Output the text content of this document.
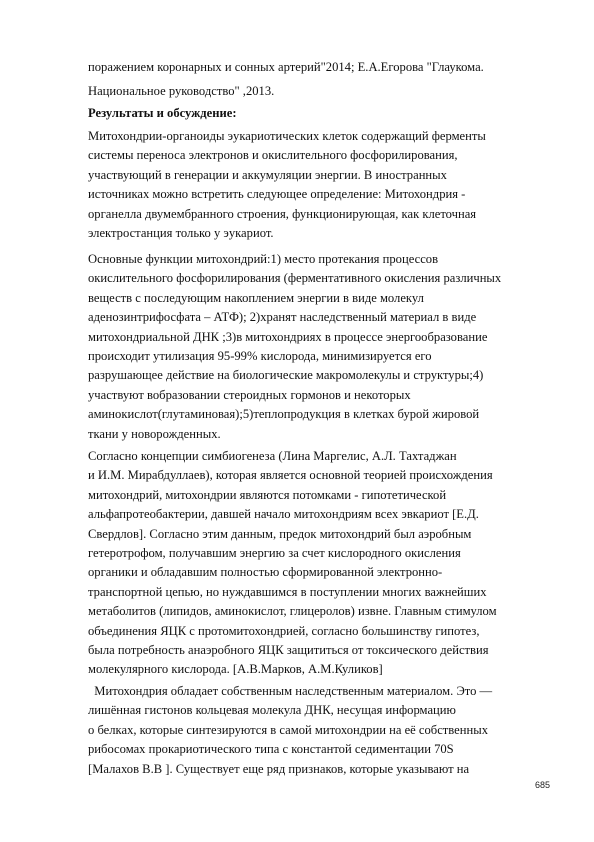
поражением коронарных и сонных артерий"2014; Е.А.Егорова "Глаукома.
Национальное руководство" ,2013.
Результаты и обсуждение:
Митохондрии-органоиды эукариотических клеток содержащий ферменты
системы переноса электронов и окислительного фосфорилирования,
участвующий в генерации и аккумуляции энергии. В иностранных
источниках можно встретить следующее определение: Митохондрия -
органелла двумембранного строения, функционирующая, как клеточная
электростанция только у эукариот.
Основные функции митохондрий:1) место протекания процессов
окислительного фосфорилирования (ферментативного окисления различных
веществ с последующим накоплением энергии в виде молекул
аденозинтрифосфата – АТФ); 2)хранят наследственный материал в виде
митохондриальной ДНК ;3)в митохондриях в процессе энергообразование
происходит утилизация 95-99% кислорода, минимизируется его
разрушающее действие на биологические макромолекулы и структуры;4)
участвуют вобразовании стероидных гормонов и некоторых
аминокислот(глутаминовая);5)теплопродукция в клетках бурой жировой
ткани у новорожденных.
Согласно концепции симбиогенеза (Лина Маргелис, А.Л. Тахтаджан
и И.М. Мирабдуллаев), которая является основной теорией происхождения
митохондрий, митохондрии являются потомками - гипотетической
альфапротеобактерии, давшей начало митохондриям всех эвкариот [Е.Д.
Свердлов]. Согласно этим данным, предок митохондрий был аэробным
гетеротрофом, получавшим энергию за счет кислородного окисления
органики и обладавшим полностью сформированной электронно-
транспортной цепью, но нуждавшимся в поступлении многих важнейших
метаболитов (липидов, аминокислот, глицеролов) извне. Главным стимулом
объединения ЯЦК с протомитохондрией, согласно большинству гипотез,
была потребность анаэробного ЯЦК защититься от токсического действия
молекулярного кислорода. [А.В.Марков, А.М.Куликов]
Митохондрия обладает собственным наследственным материалом. Это —
лишённая гистонов кольцевая молекула ДНК, несущая информацию
о белках, которые синтезируются в самой митохондрии на её собственных
рибосомах прокариотического типа с константой седиментации 70S
[Малахов В.В ]. Существует еще ряд признаков, которые указывают на
685
